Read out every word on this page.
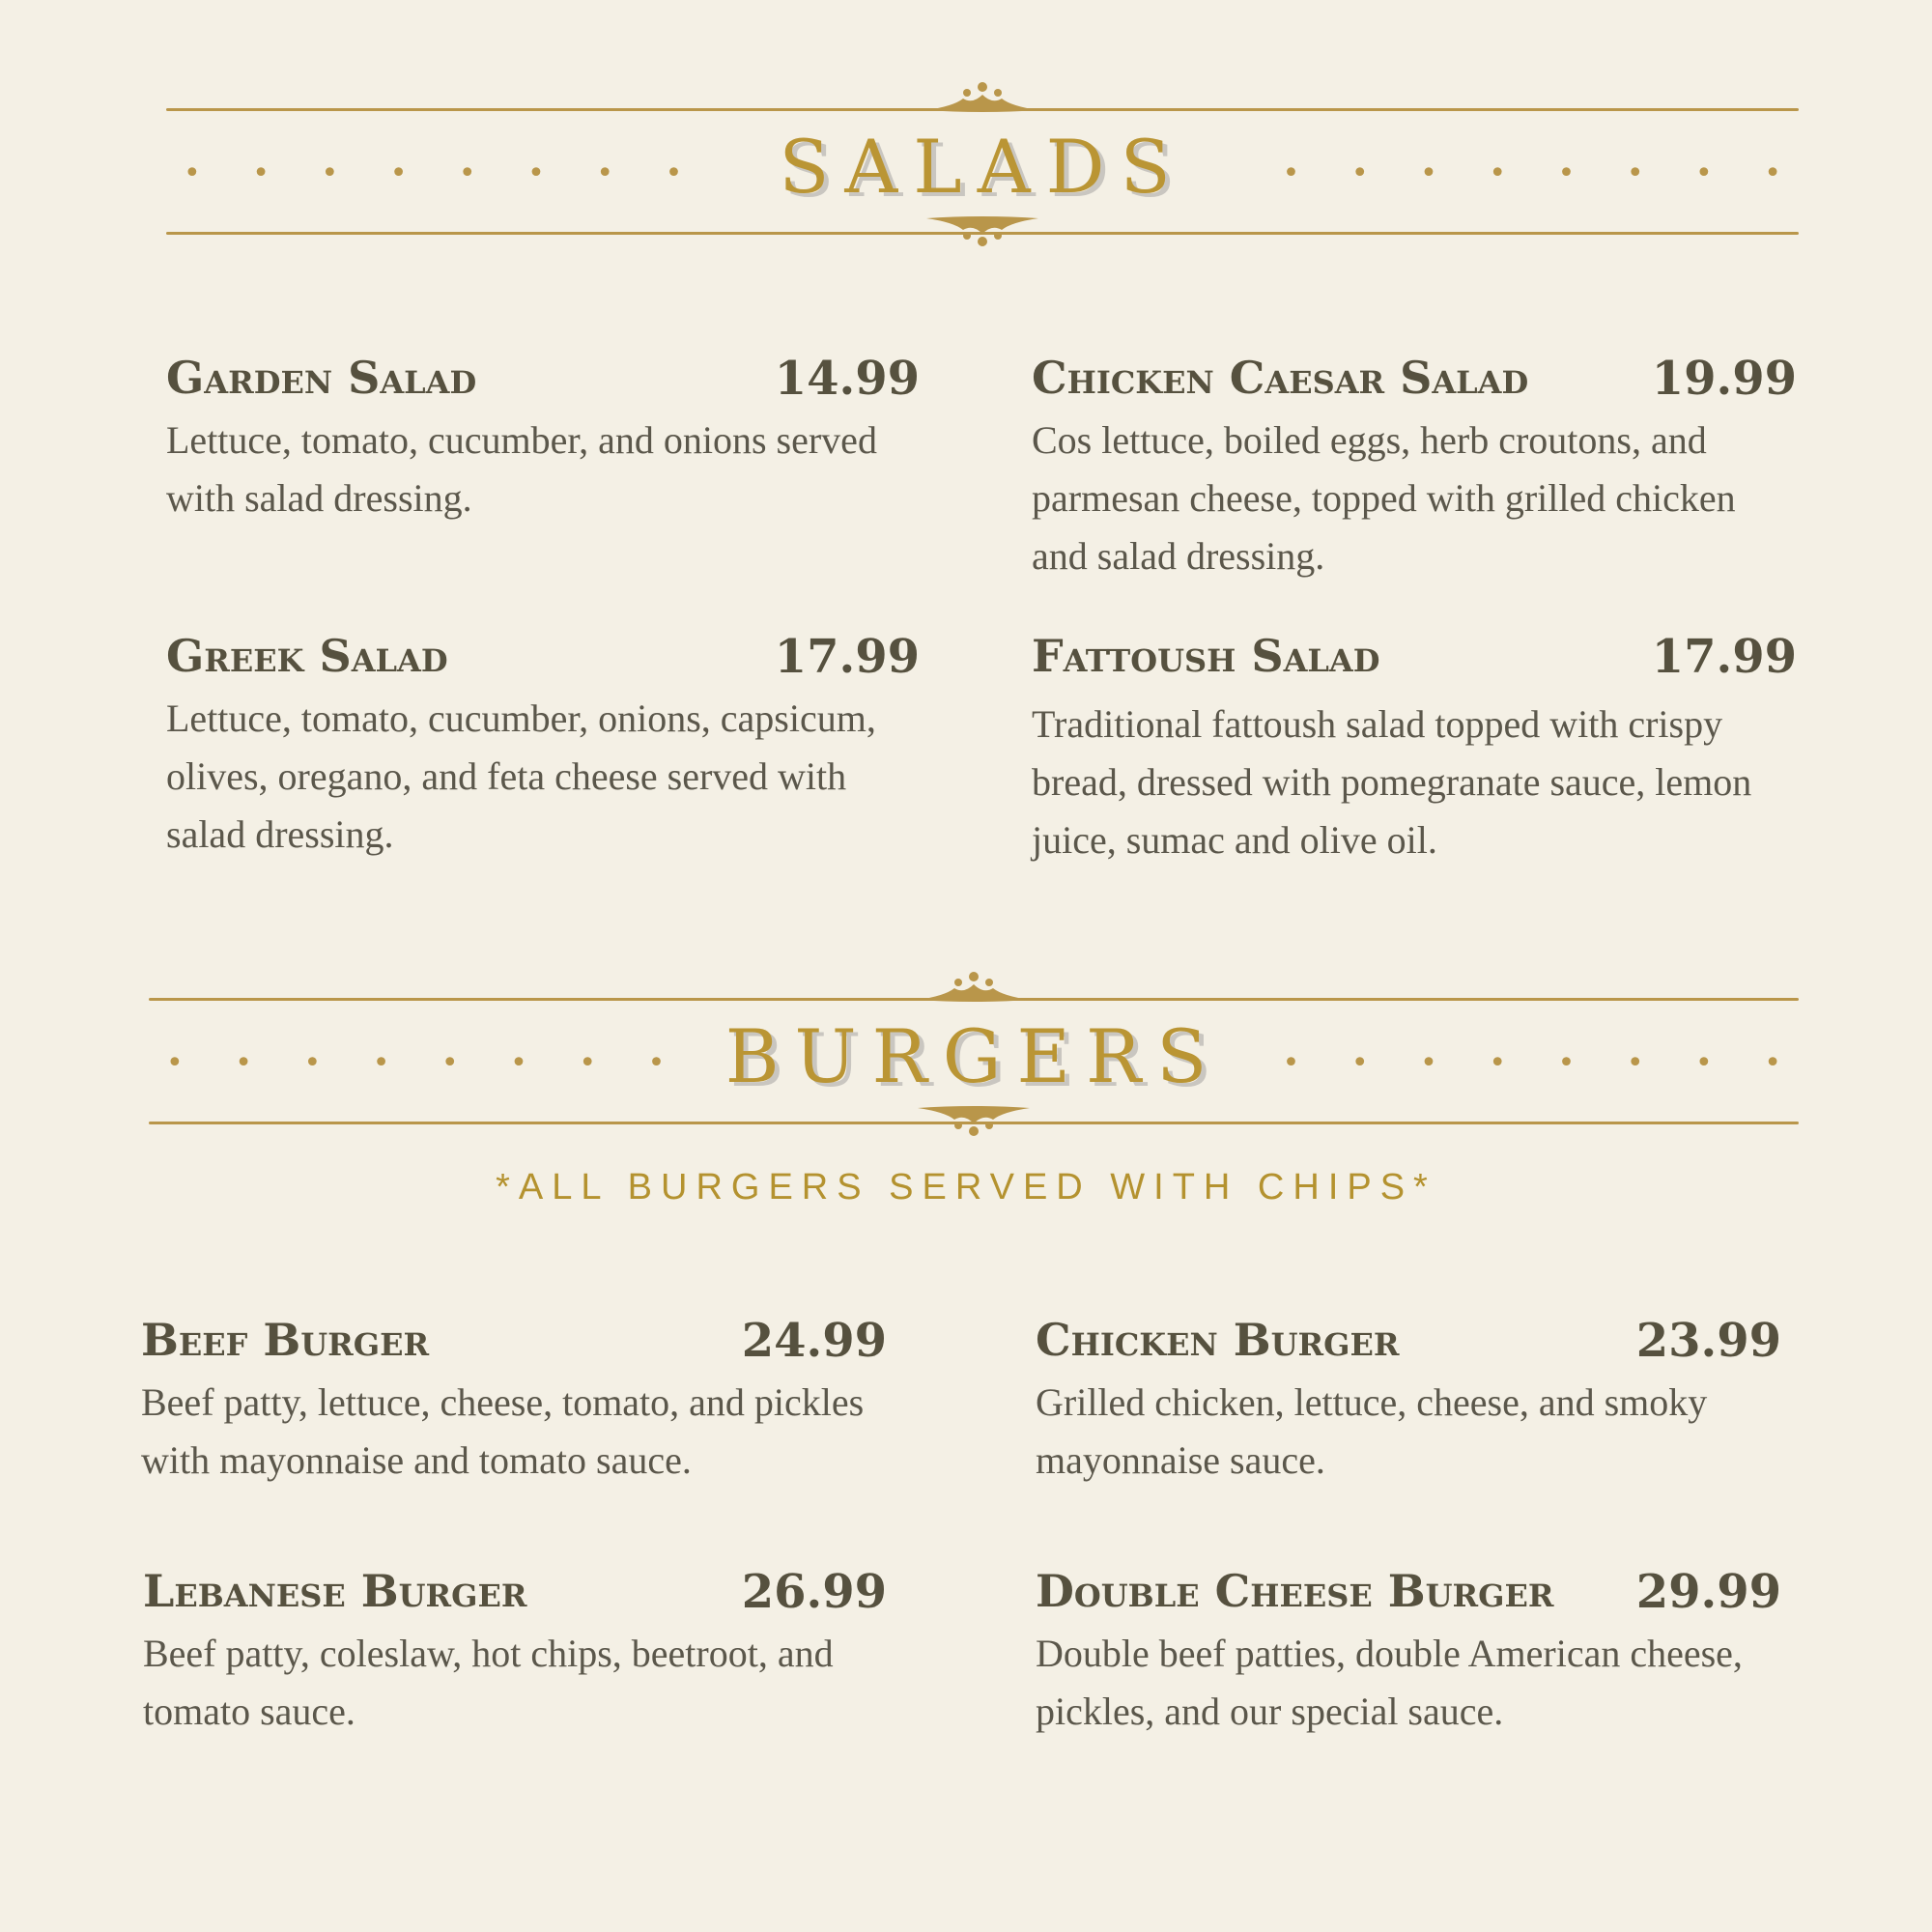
• • • • • • • •	SALADS	• • • • • • • •
Garden Salad	14.99
Lettuce, tomato, cucumber, and onions served with salad dressing.
Chicken Caesar Salad	19.99
Cos lettuce, boiled eggs, herb croutons, and parmesan cheese, topped with grilled chicken and salad dressing.
Greek Salad	17.99
Lettuce, tomato, cucumber, onions, capsicum, olives, oregano, and feta cheese served with salad dressing.
Fattoush Salad	17.99
Traditional fattoush salad topped with crispy bread, dressed with pomegranate sauce, lemon juice, sumac and olive oil.
• • • • • • • • BURGERS	• • • • • • • •
*ALL BURGERS SERVED WITH CHIPS*
Beef Burger	24.99
Beef patty, lettuce, cheese, tomato, and pickles with mayonnaise and tomato sauce.
Chicken Burger	23.99
Grilled chicken, lettuce, cheese, and smoky mayonnaise sauce.
Lebanese Burger	26.99
Beef patty, coleslaw, hot chips, beetroot, and tomato sauce.
Double Cheese Burger 29.99
Double beef patties, double American cheese, pickles, and our special sauce.
